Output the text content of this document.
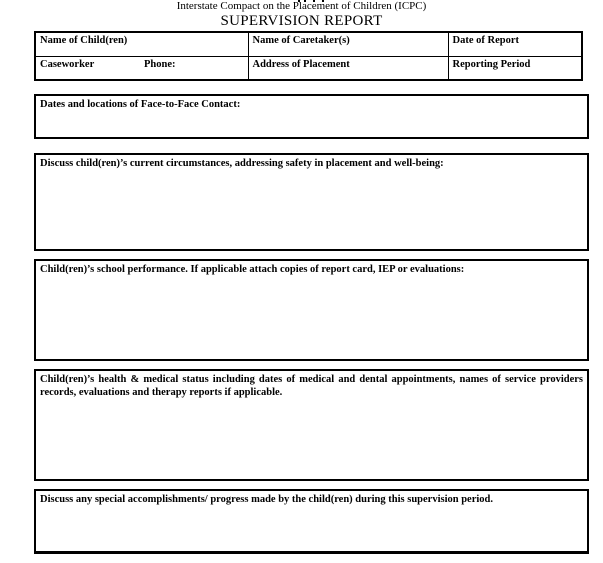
Interstate Compact on the Placement of Children (ICPC)
SUPERVISION REPORT
Name of Child(ren)	Name of Caretaker(s)	Date of Report

Caseworker Phone:	Address of Placement	Reporting Period
Dates and locations of Face-to-Face Contact:
Discuss child(ren)’s current circumstances, addressing safety in placement and well-being:
Child(ren)’s school performance. If applicable attach copies of report card, IEP or evaluations:
Child(ren)’s health & medical status including dates of medical and dental appointments, names of service providers
records, evaluations and therapy reports if applicable.
Discuss any special accomplishments/ progress made by the child(ren) during this supervision period.
